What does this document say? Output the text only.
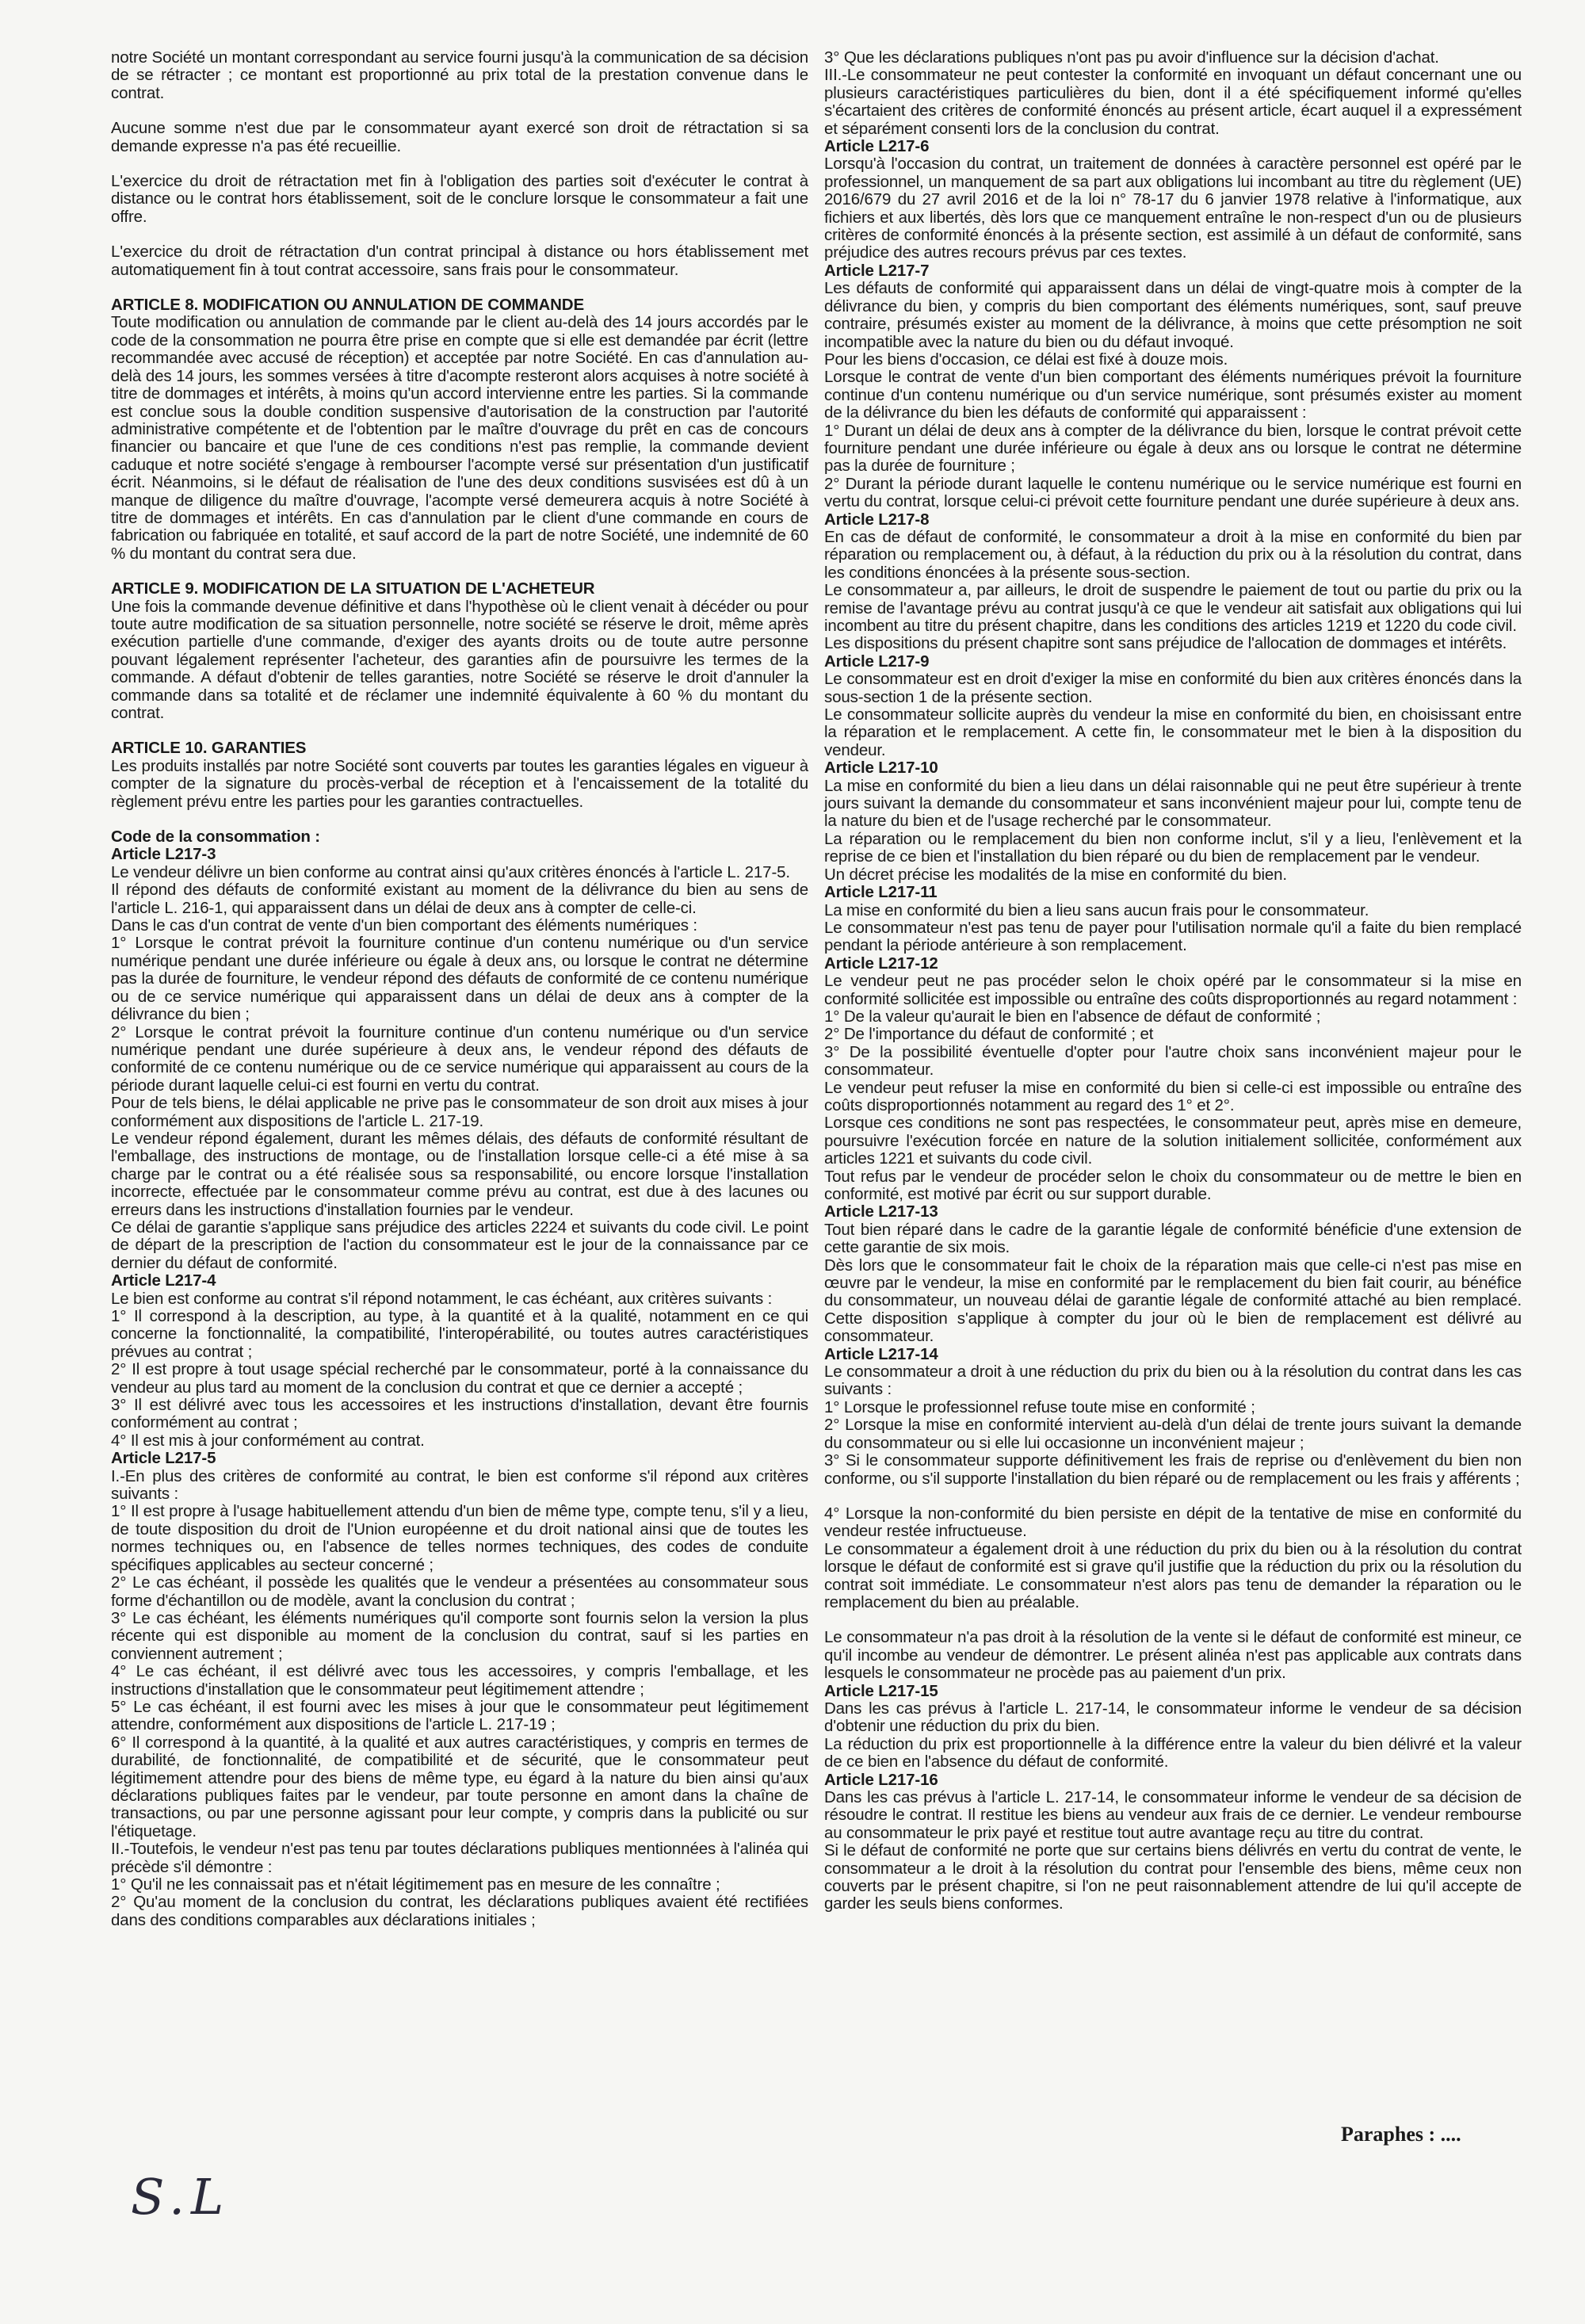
notre Société un montant correspondant au service fourni jusqu'à la communication de sa décision de se rétracter ; ce montant est proportionné au prix total de la prestation convenue dans le contrat.

Aucune somme n'est due par le consommateur ayant exercé son droit de rétractation si sa demande expresse n'a pas été recueillie.

L'exercice du droit de rétractation met fin à l'obligation des parties soit d'exécuter le contrat à distance ou le contrat hors établissement, soit de le conclure lorsque le consommateur a fait une offre.

L'exercice du droit de rétractation d'un contrat principal à distance ou hors établissement met automatiquement fin à tout contrat accessoire, sans frais pour le consommateur.

ARTICLE 8. MODIFICATION OU ANNULATION DE COMMANDE

Toute modification ou annulation de commande par le client au-delà des 14 jours accordés par le code de la consommation ne pourra être prise en compte que si elle est demandée par écrit (lettre recommandée avec accusé de réception) et acceptée par notre Société. En cas d'annulation au-delà des 14 jours, les sommes versées à titre d'acompte resteront alors acquises à notre société à titre de dommages et intérêts, à moins qu'un accord intervienne entre les parties. Si la commande est conclue sous la double condition suspensive d'autorisation de la construction par l'autorité administrative compétente et de l'obtention par le maître d'ouvrage du prêt en cas de concours financier ou bancaire et que l'une de ces conditions n'est pas remplie, la commande devient caduque et notre société s'engage à rembourser l'acompte versé sur présentation d'un justificatif écrit. Néanmoins, si le défaut de réalisation de l'une des deux conditions susvisées est dû à un manque de diligence du maître d'ouvrage, l'acompte versé demeurera acquis à notre Société à titre de dommages et intérêts. En cas d'annulation par le client d'une commande en cours de fabrication ou fabriquée en totalité, et sauf accord de la part de notre Société, une indemnité de 60 % du montant du contrat sera due.

ARTICLE 9. MODIFICATION DE LA SITUATION DE L'ACHETEUR

Une fois la commande devenue définitive et dans l'hypothèse où le client venait à décéder ou pour toute autre modification de sa situation personnelle, notre société se réserve le droit, même après exécution partielle d'une commande, d'exiger des ayants droits ou de toute autre personne pouvant légalement représenter l'acheteur, des garanties afin de poursuivre les termes de la commande. A défaut d'obtenir de telles garanties, notre Société se réserve le droit d'annuler la commande dans sa totalité et de réclamer une indemnité équivalente à 60 % du montant du contrat.

ARTICLE 10. GARANTIES

Les produits installés par notre Société sont couverts par toutes les garanties légales en vigueur à compter de la signature du procès-verbal de réception et à l'encaissement de la totalité du règlement prévu entre les parties pour les garanties contractuelles.

Code de la consommation :

Article L217-3

Le vendeur délivre un bien conforme au contrat ainsi qu'aux critères énoncés à l'article L. 217-5.

Il répond des défauts de conformité existant au moment de la délivrance du bien au sens de l'article L. 216-1, qui apparaissent dans un délai de deux ans à compter de celle-ci.

Dans le cas d'un contrat de vente d'un bien comportant des éléments numériques :

1° Lorsque le contrat prévoit la fourniture continue d'un contenu numérique ou d'un service numérique pendant une durée inférieure ou égale à deux ans, ou lorsque le contrat ne détermine pas la durée de fourniture, le vendeur répond des défauts de conformité de ce contenu numérique ou de ce service numérique qui apparaissent dans un délai de deux ans à compter de la délivrance du bien ;

2° Lorsque le contrat prévoit la fourniture continue d'un contenu numérique ou d'un service numérique pendant une durée supérieure à deux ans, le vendeur répond des défauts de conformité de ce contenu numérique ou de ce service numérique qui apparaissent au cours de la période durant laquelle celui-ci est fourni en vertu du contrat.

Pour de tels biens, le délai applicable ne prive pas le consommateur de son droit aux mises à jour conformément aux dispositions de l'article L. 217-19.

Le vendeur répond également, durant les mêmes délais, des défauts de conformité résultant de l'emballage, des instructions de montage, ou de l'installation lorsque celle-ci a été mise à sa charge par le contrat ou a été réalisée sous sa responsabilité, ou encore lorsque l'installation incorrecte, effectuée par le consommateur comme prévu au contrat, est due à des lacunes ou erreurs dans les instructions d'installation fournies par le vendeur.

Ce délai de garantie s'applique sans préjudice des articles 2224 et suivants du code civil. Le point de départ de la prescription de l'action du consommateur est le jour de la connaissance par ce dernier du défaut de conformité.

Article L217-4

Le bien est conforme au contrat s'il répond notamment, le cas échéant, aux critères suivants :

1° Il correspond à la description, au type, à la quantité et à la qualité, notamment en ce qui concerne la fonctionnalité, la compatibilité, l'interopérabilité, ou toutes autres caractéristiques prévues au contrat ;

2° Il est propre à tout usage spécial recherché par le consommateur, porté à la connaissance du vendeur au plus tard au moment de la conclusion du contrat et que ce dernier a accepté ;

3° Il est délivré avec tous les accessoires et les instructions d'installation, devant être fournis conformément au contrat ;

4° Il est mis à jour conformément au contrat.

Article L217-5

I.-En plus des critères de conformité au contrat, le bien est conforme s'il répond aux critères suivants :

1° Il est propre à l'usage habituellement attendu d'un bien de même type, compte tenu, s'il y a lieu, de toute disposition du droit de l'Union européenne et du droit national ainsi que de toutes les normes techniques ou, en l'absence de telles normes techniques, des codes de conduite spécifiques applicables au secteur concerné ;

2° Le cas échéant, il possède les qualités que le vendeur a présentées au consommateur sous forme d'échantillon ou de modèle, avant la conclusion du contrat ;

3° Le cas échéant, les éléments numériques qu'il comporte sont fournis selon la version la plus récente qui est disponible au moment de la conclusion du contrat, sauf si les parties en conviennent autrement ;

4° Le cas échéant, il est délivré avec tous les accessoires, y compris l'emballage, et les instructions d'installation que le consommateur peut légitimement attendre ;

5° Le cas échéant, il est fourni avec les mises à jour que le consommateur peut légitimement attendre, conformément aux dispositions de l'article L. 217-19 ;

6° Il correspond à la quantité, à la qualité et aux autres caractéristiques, y compris en termes de durabilité, de fonctionnalité, de compatibilité et de sécurité, que le consommateur peut légitimement attendre pour des biens de même type, eu égard à la nature du bien ainsi qu'aux déclarations publiques faites par le vendeur, par toute personne en amont dans la chaîne de transactions, ou par une personne agissant pour leur compte, y compris dans la publicité ou sur l'étiquetage.

II.-Toutefois, le vendeur n'est pas tenu par toutes déclarations publiques mentionnées à l'alinéa qui précède s'il démontre :

1° Qu'il ne les connaissait pas et n'était légitimement pas en mesure de les connaître ;

2° Qu'au moment de la conclusion du contrat, les déclarations publiques avaient été rectifiées dans des conditions comparables aux déclarations initiales ;

3° Que les déclarations publiques n'ont pas pu avoir d'influence sur la décision d'achat.

III.-Le consommateur ne peut contester la conformité en invoquant un défaut concernant une ou plusieurs caractéristiques particulières du bien, dont il a été spécifiquement informé qu'elles s'écartaient des critères de conformité énoncés au présent article, écart auquel il a expressément et séparément consenti lors de la conclusion du contrat.

Article L217-6

Lorsqu'à l'occasion du contrat, un traitement de données à caractère personnel est opéré par le professionnel, un manquement de sa part aux obligations lui incombant au titre du règlement (UE) 2016/679 du 27 avril 2016 et de la loi n° 78-17 du 6 janvier 1978 relative à l'informatique, aux fichiers et aux libertés, dès lors que ce manquement entraîne le non-respect d'un ou de plusieurs critères de conformité énoncés à la présente section, est assimilé à un défaut de conformité, sans préjudice des autres recours prévus par ces textes.

Article L217-7

Les défauts de conformité qui apparaissent dans un délai de vingt-quatre mois à compter de la délivrance du bien, y compris du bien comportant des éléments numériques, sont, sauf preuve contraire, présumés exister au moment de la délivrance, à moins que cette présomption ne soit incompatible avec la nature du bien ou du défaut invoqué.

Pour les biens d'occasion, ce délai est fixé à douze mois.

Lorsque le contrat de vente d'un bien comportant des éléments numériques prévoit la fourniture continue d'un contenu numérique ou d'un service numérique, sont présumés exister au moment de la délivrance du bien les défauts de conformité qui apparaissent :

1° Durant un délai de deux ans à compter de la délivrance du bien, lorsque le contrat prévoit cette fourniture pendant une durée inférieure ou égale à deux ans ou lorsque le contrat ne détermine pas la durée de fourniture ;

2° Durant la période durant laquelle le contenu numérique ou le service numérique est fourni en vertu du contrat, lorsque celui-ci prévoit cette fourniture pendant une durée supérieure à deux ans.

Article L217-8

En cas de défaut de conformité, le consommateur a droit à la mise en conformité du bien par réparation ou remplacement ou, à défaut, à la réduction du prix ou à la résolution du contrat, dans les conditions énoncées à la présente sous-section.

Le consommateur a, par ailleurs, le droit de suspendre le paiement de tout ou partie du prix ou la remise de l'avantage prévu au contrat jusqu'à ce que le vendeur ait satisfait aux obligations qui lui incombent au titre du présent chapitre, dans les conditions des articles 1219 et 1220 du code civil.

Les dispositions du présent chapitre sont sans préjudice de l'allocation de dommages et intérêts.

Article L217-9

Le consommateur est en droit d'exiger la mise en conformité du bien aux critères énoncés dans la sous-section 1 de la présente section.

Le consommateur sollicite auprès du vendeur la mise en conformité du bien, en choisissant entre la réparation et le remplacement. A cette fin, le consommateur met le bien à la disposition du vendeur.

Article L217-10

La mise en conformité du bien a lieu dans un délai raisonnable qui ne peut être supérieur à trente jours suivant la demande du consommateur et sans inconvénient majeur pour lui, compte tenu de la nature du bien et de l'usage recherché par le consommateur.

La réparation ou le remplacement du bien non conforme inclut, s'il y a lieu, l'enlèvement et la reprise de ce bien et l'installation du bien réparé ou du bien de remplacement par le vendeur.

Un décret précise les modalités de la mise en conformité du bien.

Article L217-11

La mise en conformité du bien a lieu sans aucun frais pour le consommateur.

Le consommateur n'est pas tenu de payer pour l'utilisation normale qu'il a faite du bien remplacé pendant la période antérieure à son remplacement.

Article L217-12

Le vendeur peut ne pas procéder selon le choix opéré par le consommateur si la mise en conformité sollicitée est impossible ou entraîne des coûts disproportionnés au regard notamment :

1° De la valeur qu'aurait le bien en l'absence de défaut de conformité ;

2° De l'importance du défaut de conformité ; et

3° De la possibilité éventuelle d'opter pour l'autre choix sans inconvénient majeur pour le consommateur.

Le vendeur peut refuser la mise en conformité du bien si celle-ci est impossible ou entraîne des coûts disproportionnés notamment au regard des 1° et 2°.

Lorsque ces conditions ne sont pas respectées, le consommateur peut, après mise en demeure, poursuivre l'exécution forcée en nature de la solution initialement sollicitée, conformément aux articles 1221 et suivants du code civil.

Tout refus par le vendeur de procéder selon le choix du consommateur ou de mettre le bien en conformité, est motivé par écrit ou sur support durable.

Article L217-13

Tout bien réparé dans le cadre de la garantie légale de conformité bénéficie d'une extension de cette garantie de six mois.

Dès lors que le consommateur fait le choix de la réparation mais que celle-ci n'est pas mise en œuvre par le vendeur, la mise en conformité par le remplacement du bien fait courir, au bénéfice du consommateur, un nouveau délai de garantie légale de conformité attaché au bien remplacé. Cette disposition s'applique à compter du jour où le bien de remplacement est délivré au consommateur.

Article L217-14

Le consommateur a droit à une réduction du prix du bien ou à la résolution du contrat dans les cas suivants :

1° Lorsque le professionnel refuse toute mise en conformité ;

2° Lorsque la mise en conformité intervient au-delà d'un délai de trente jours suivant la demande du consommateur ou si elle lui occasionne un inconvénient majeur ;

3° Si le consommateur supporte définitivement les frais de reprise ou d'enlèvement du bien non conforme, ou s'il supporte l'installation du bien réparé ou de remplacement ou les frais y afférents ;

4° Lorsque la non-conformité du bien persiste en dépit de la tentative de mise en conformité du vendeur restée infructueuse.

Le consommateur a également droit à une réduction du prix du bien ou à la résolution du contrat lorsque le défaut de conformité est si grave qu'il justifie que la réduction du prix ou la résolution du contrat soit immédiate. Le consommateur n'est alors pas tenu de demander la réparation ou le remplacement du bien au préalable.

Le consommateur n'a pas droit à la résolution de la vente si le défaut de conformité est mineur, ce qu'il incombe au vendeur de démontrer. Le présent alinéa n'est pas applicable aux contrats dans lesquels le consommateur ne procède pas au paiement d'un prix.

Article L217-15

Dans les cas prévus à l'article L. 217-14, le consommateur informe le vendeur de sa décision d'obtenir une réduction du prix du bien.

La réduction du prix est proportionnelle à la différence entre la valeur du bien délivré et la valeur de ce bien en l'absence du défaut de conformité.

Article L217-16

Dans les cas prévus à l'article L. 217-14, le consommateur informe le vendeur de sa décision de résoudre le contrat. Il restitue les biens au vendeur aux frais de ce dernier. Le vendeur rembourse au consommateur le prix payé et restitue tout autre avantage reçu au titre du contrat.

Si le défaut de conformité ne porte que sur certains biens délivrés en vertu du contrat de vente, le consommateur a le droit à la résolution du contrat pour l'ensemble des biens, même ceux non couverts par le présent chapitre, si l'on ne peut raisonnablement attendre de lui qu'il accepte de garder les seuls biens conformes.

Paraphes : ....
S.L
